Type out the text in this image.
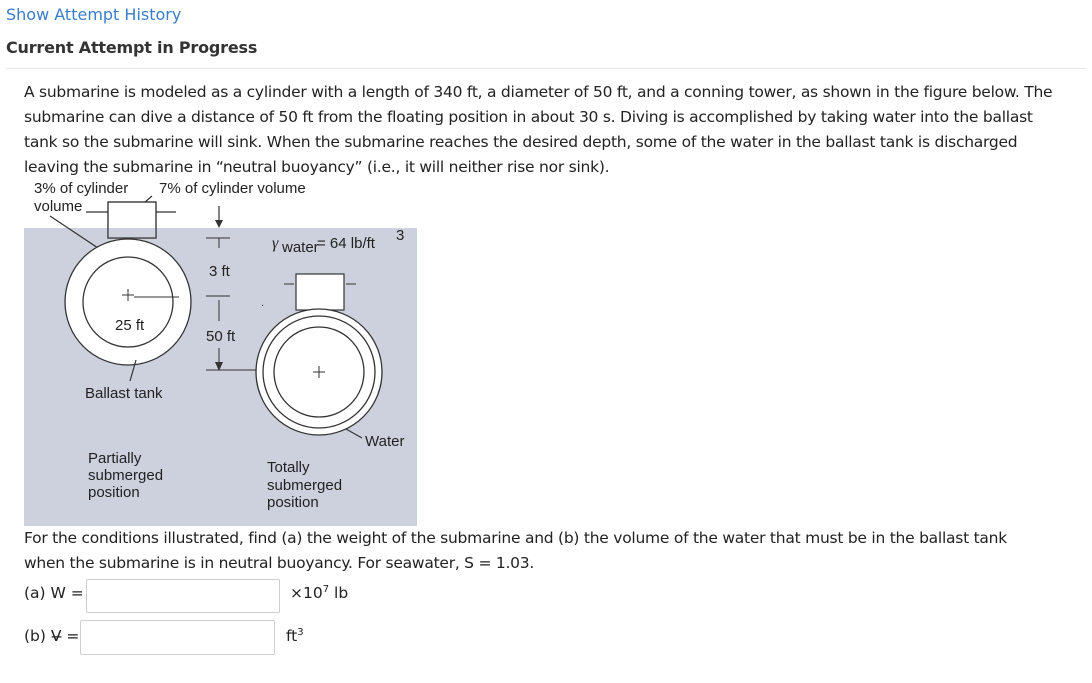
Show Attempt History
Current Attempt in Progress
A submarine is modeled as a cylinder with a length of 340 ft, a diameter of 50 ft, and a conning tower, as shown in the figure below. The
submarine can dive a distance of 50 ft from the floating position in about 30 s. Diving is accomplished by taking water into the ballast
tank so the submarine will sink. When the submarine reaches the desired depth, some of the water in the ballast tank is discharged
leaving the submarine in “neutral buoyancy” (i.e., it will neither rise nor sink).
3% of cylinder
volume
7% of cylinder volume
25 ft
Ballast tank
3 ft
50 ft
.
γ water
= 64 lb/ft 3
Water
Partially
submerged
position
Totally
submerged
position
For the conditions illustrated, find (a) the weight of the submarine and (b) the volume of the water that must be in the ballast tank
when the submarine is in neutral buoyancy. For seawater, S = 1.03.
(a) W =	$\times 10^7$ lb
(b) V̶ =	$ft^3$
